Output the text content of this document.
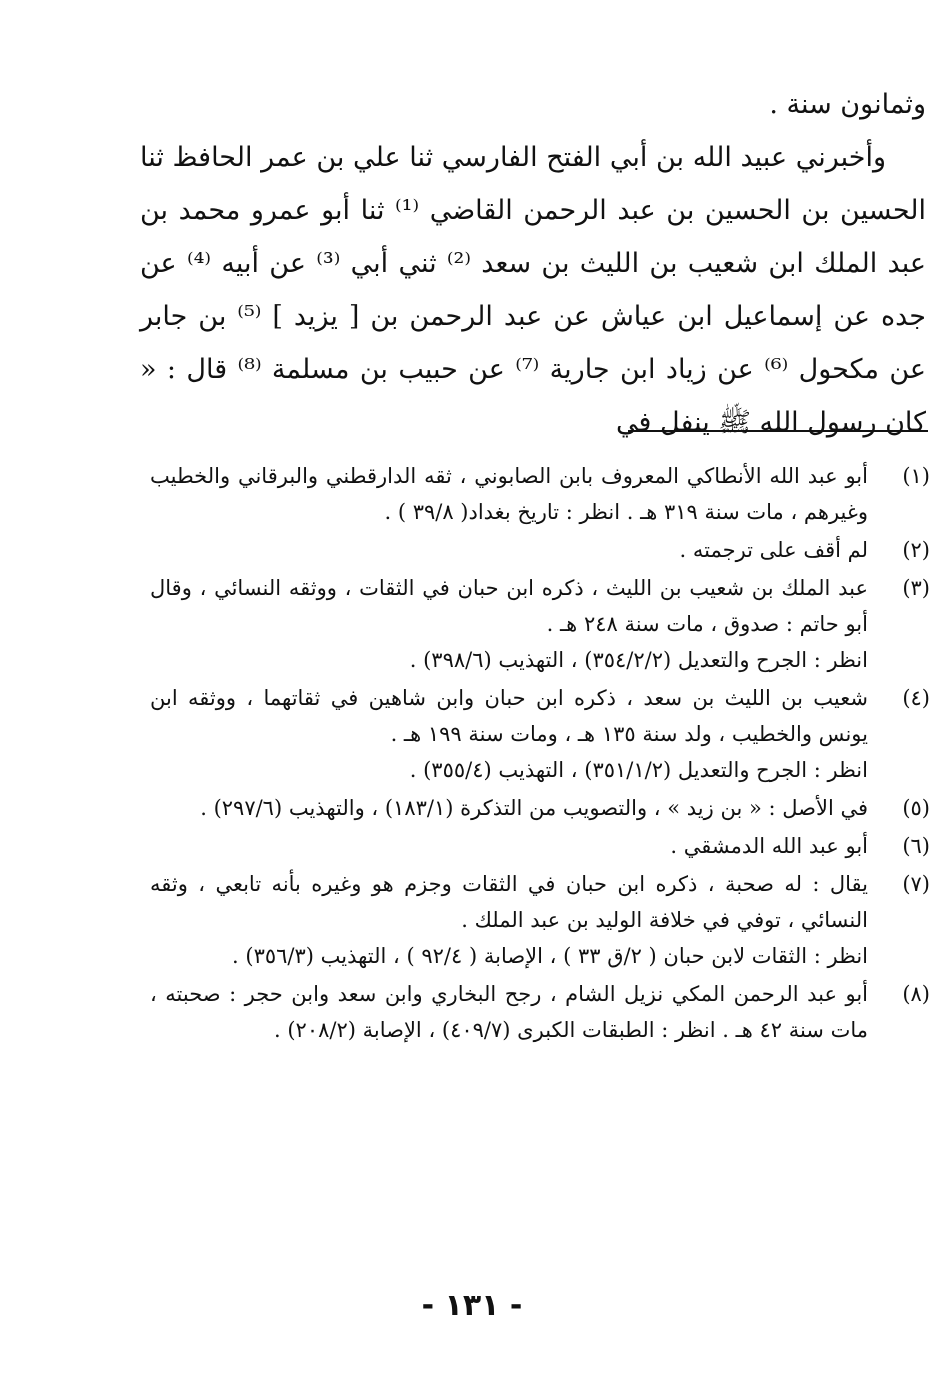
وثمانون سنة .

وأخبرني عبيد الله بن أبي الفتح الفارسي ثنا علي بن عمر الحافظ ثنا الحسين بن الحسين بن عبد الرحمن القاضي ⁽¹⁾ ثنا أبو عمرو محمد بن عبد الملك ابن شعيب بن الليث بن سعد ⁽²⁾ ثني أبي ⁽³⁾ عن أبيه ⁽⁴⁾ عن جده عن إسماعيل ابن عياش عن عبد الرحمن بن [ يزيد ] ⁽⁵⁾ بن جابر عن مكحول ⁽⁶⁾ عن زياد ابن جارية ⁽⁷⁾ عن حبيب بن مسلمة ⁽⁸⁾ قال : « كان رسول الله ﷺ ينفل في

(١)
أبو عبد الله الأنطاكي المعروف بابن الصابوني ، ثقه الدارقطني والبرقاني والخطيب وغيرهم ، مات سنة ٣١٩ هـ . انظر : تاريخ بغداد( ٣٩/٨ ) .
(٢)
لم أقف على ترجمته .
(٣)
عبد الملك بن شعيب بن الليث ، ذكره ابن حبان في الثقات ، ووثقه النسائي ، وقال أبو حاتم : صدوق ، مات سنة ٢٤٨ هـ .
انظر : الجرح والتعديل (٣٥٤/٢/٢) ، التهذيب (٣٩٨/٦) .
(٤)
شعيب بن الليث بن سعد ، ذكره ابن حبان وابن شاهين في ثقاتهما ، ووثقه ابن يونس والخطيب ، ولد سنة ١٣٥ هـ ، ومات سنة ١٩٩ هـ .
انظر : الجرح والتعديل (٣٥١/١/٢) ، التهذيب (٣٥٥/٤) .
(٥)
في الأصل : « بن زيد » ، والتصويب من التذكرة (١٨٣/١) ، والتهذيب (٢٩٧/٦) .
(٦)
أبو عبد الله الدمشقي .
(٧)
يقال : له صحبة ، ذكره ابن حبان في الثقات وجزم هو وغيره بأنه تابعي ، وثقه النسائي ، توفي في خلافة الوليد بن عبد الملك .
انظر : الثقات لابن حبان ( ٢/ق ٣٣ ) ، الإصابة ( ٩٢/٤ ) ، التهذيب (٣٥٦/٣) .
(٨)
أبو عبد الرحمن المكي نزيل الشام ، رجح البخاري وابن سعد وابن حجر : صحبته ، مات سنة ٤٢ هـ . انظر : الطبقات الكبرى (٤٠٩/٧) ، الإصابة (٢٠٨/٢) .
- ١٣١ -
